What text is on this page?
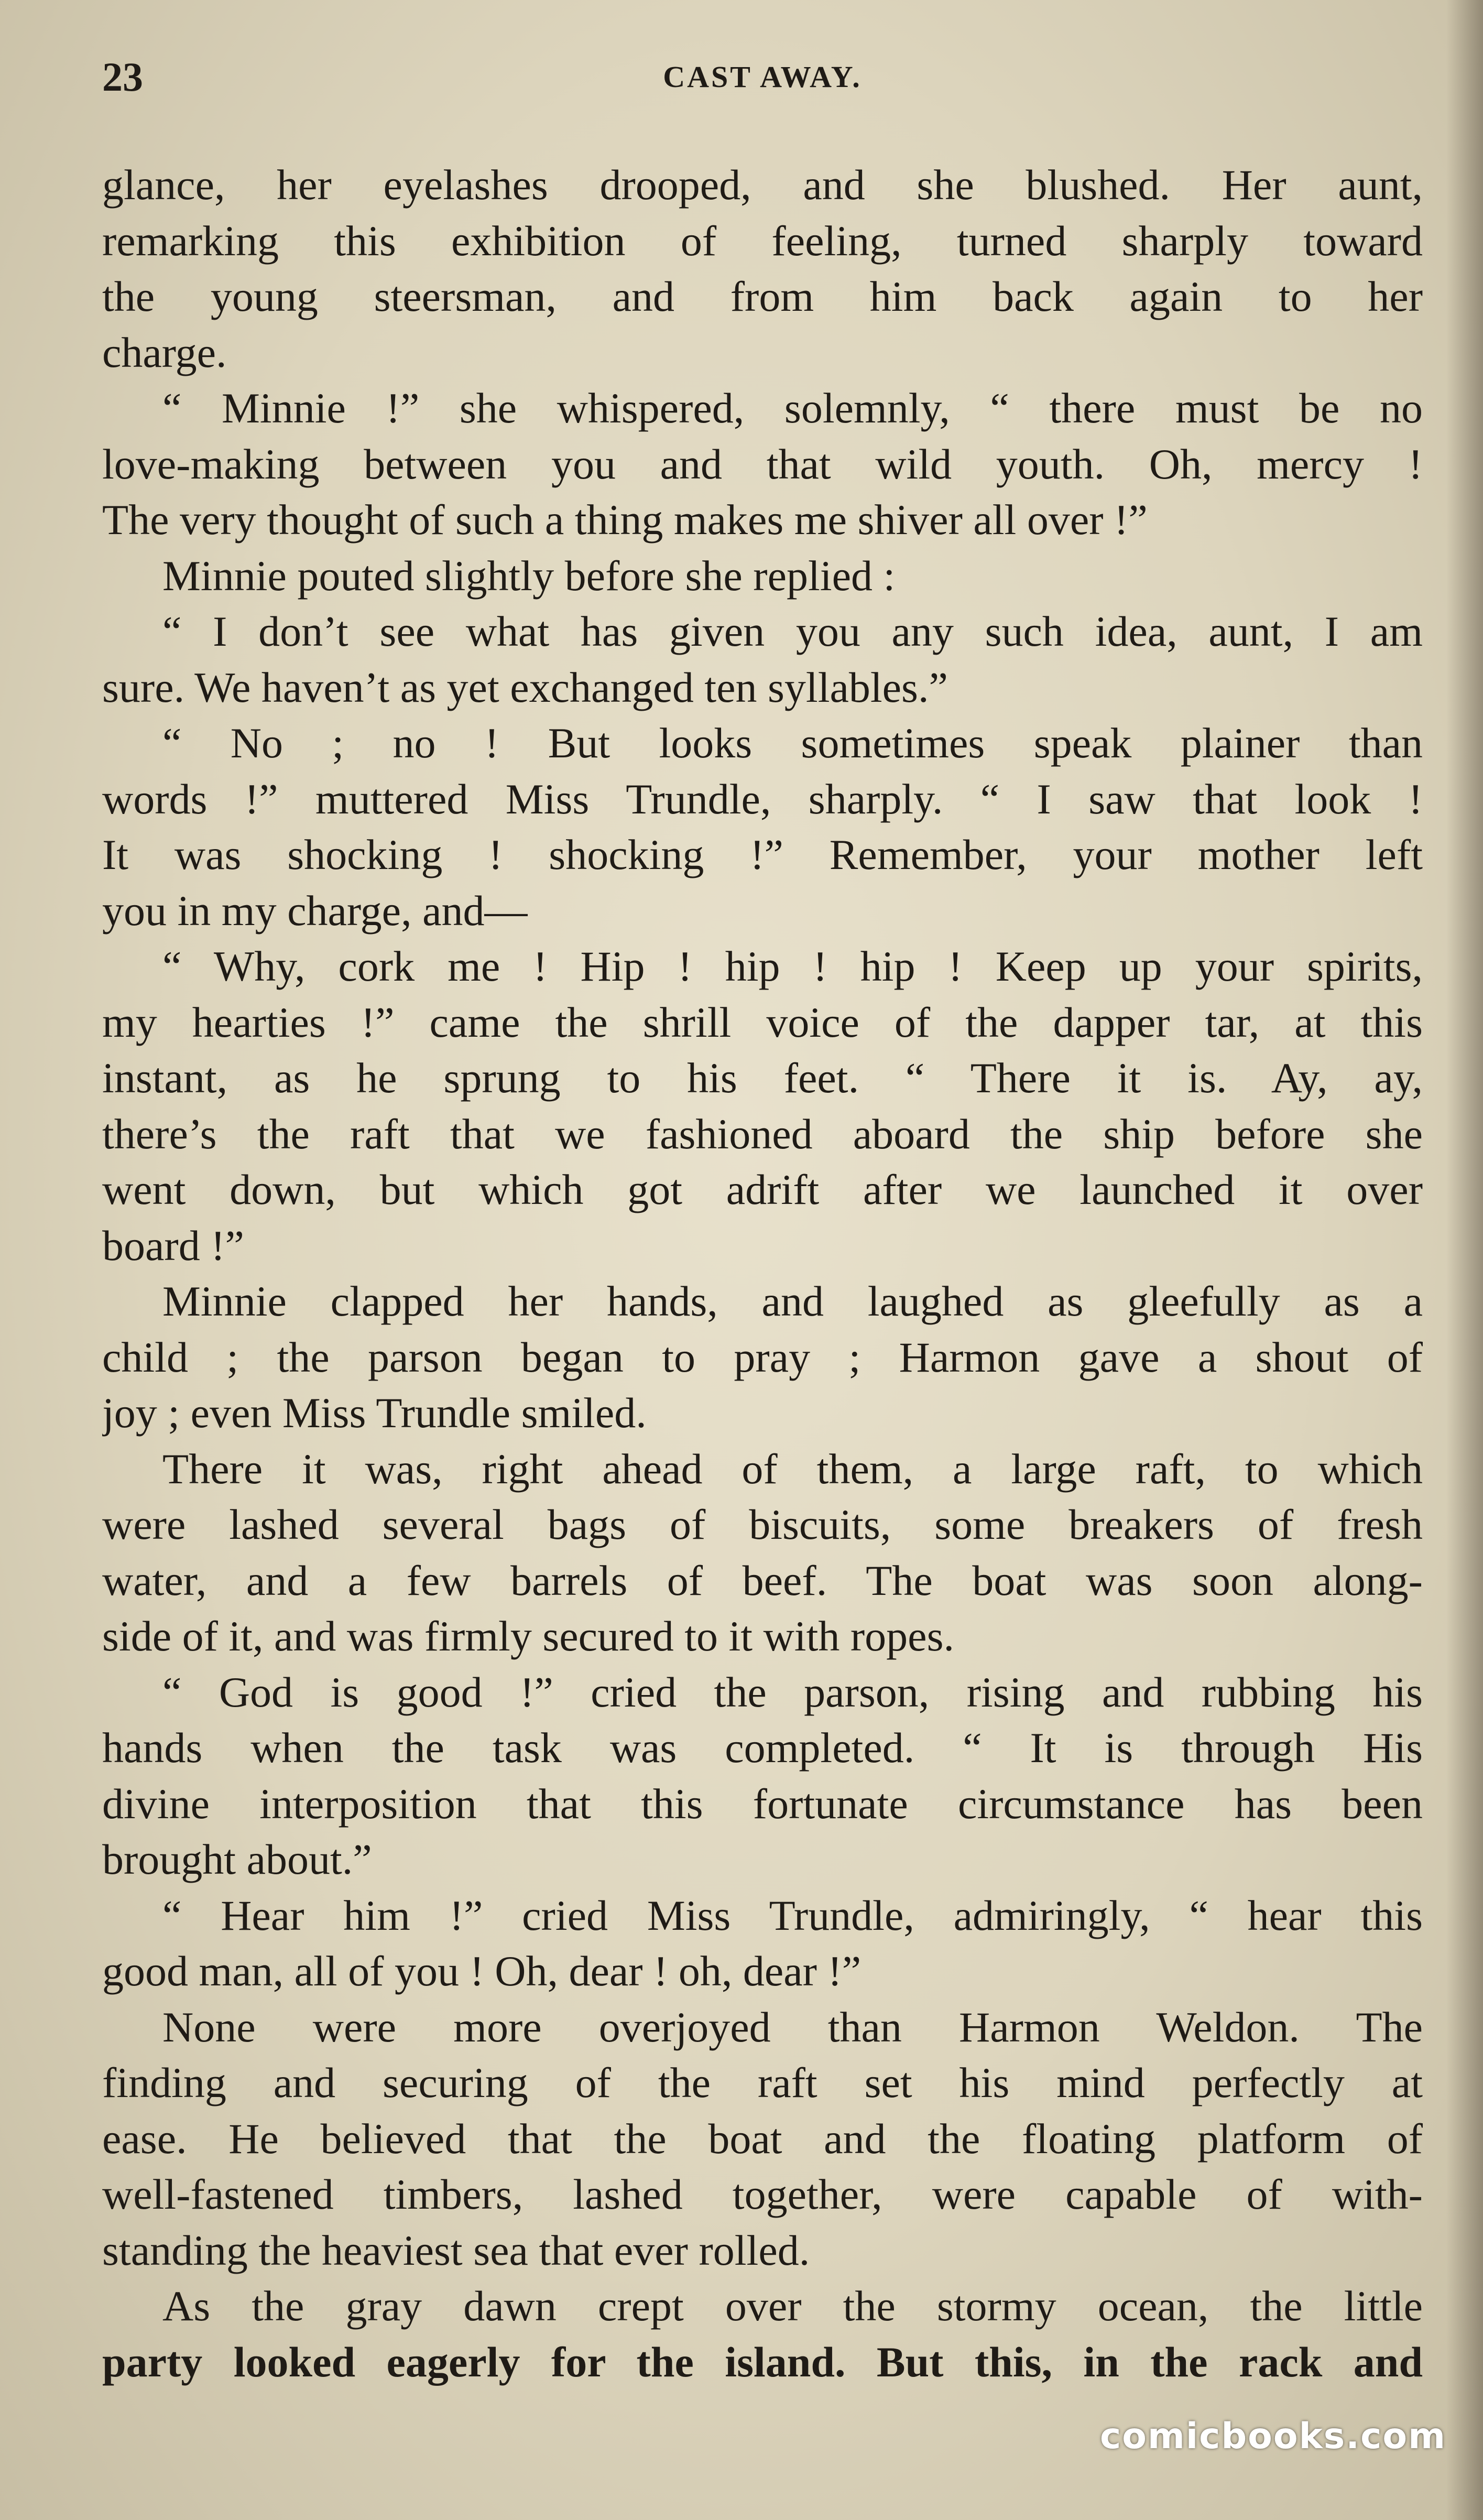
23	CAST AWAY.
glance, her eyelashes drooped, and she blushed. Her aunt,
remarking this exhibition of feeling, turned sharply toward
the young steersman, and from him back again to her
charge.
“ Minnie !” she whispered, solemnly, “ there must be no
love-making between you and that wild youth. Oh, mercy !
The very thought of such a thing makes me shiver all over !”
Minnie pouted slightly before she replied :
“ I don’t see what has given you any such idea, aunt, I am
sure. We haven’t as yet exchanged ten syllables.”
“ No ; no ! But looks sometimes speak plainer than
words !” muttered Miss Trundle, sharply. “ I saw that look !
It was shocking ! shocking !” Remember, your mother left
you in my charge, and—
“ Why, cork me ! Hip ! hip ! hip ! Keep up your spirits,
my hearties !” came the shrill voice of the dapper tar, at this
instant, as he sprung to his feet. “ There it is. Ay, ay,
there’s the raft that we fashioned aboard the ship before she
went down, but which got adrift after we launched it over
board !”
Minnie clapped her hands, and laughed as gleefully as a
child ; the parson began to pray ; Harmon gave a shout of
joy ; even Miss Trundle smiled.
There it was, right ahead of them, a large raft, to which
were lashed several bags of biscuits, some breakers of fresh
water, and a few barrels of beef. The boat was soon along-
side of it, and was firmly secured to it with ropes.
“ God is good !” cried the parson, rising and rubbing his
hands when the task was completed. “ It is through His
divine interposition that this fortunate circumstance has been
brought about.”
“ Hear him !” cried Miss Trundle, admiringly, “ hear this
good man, all of you ! Oh, dear ! oh, dear !”
None were more overjoyed than Harmon Weldon. The
finding and securing of the raft set his mind perfectly at
ease. He believed that the boat and the floating platform of
well-fastened timbers, lashed together, were capable of with-
standing the heaviest sea that ever rolled.
As the gray dawn crept over the stormy ocean, the little
party looked eagerly for the island. But this, in the rack and
comicbooks.com
